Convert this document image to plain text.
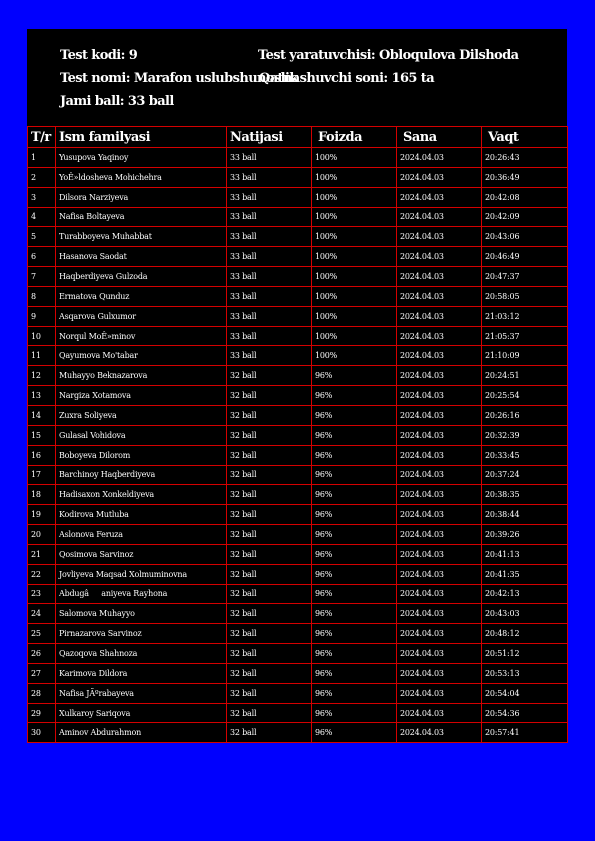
Test kodi: 9	Test yaratuvchisi: Obloqulova Dilshoda
Test nomi: Marafon uslubshunoslik
Qatnashuvchi soni: 165 ta
Jami ball: 33 ball
T/r	Ism familyasi	Natijasi	Foizda	Sana	Vaqt
1	Yusupova Yaqinoy	33 ball	100%	2024.04.03	20:26:43
2	YoÊ»ldosheva Mohichehra	33 ball	100%	2024.04.03	20:36:49
3	Dilsora Narziyeva	33 ball	100%	2024.04.03	20:42:08
4	Nafisa Boltayeva	33 ball	100%	2024.04.03	20:42:09
5	Turabboyeva Muhabbat	33 ball	100%	2024.04.03	20:43:06
6	Hasanova Saodat	33 ball	100%	2024.04.03	20:46:49
7	Haqberdiyeva Gulzoda	33 ball	100%	2024.04.03	20:47:37
8	Ermatova Qunduz	33 ball	100%	2024.04.03	20:58:05
9	Asqarova Gulxumor	33 ball	100%	2024.04.03	21:03:12
10	Norqul MoÊ»minov	33 ball	100%	2024.04.03	21:05:37
11	Qayumova Mo'tabar	33 ball	100%	2024.04.03	21:10:09
12	Muhayyo Beknazarova	32 ball	96%	2024.04.03	20:24:51
13	Nargiza Xotamova	32 ball	96%	2024.04.03	20:25:54
14	Zuxra Soliyeva	32 ball	96%	2024.04.03	20:26:16
15	Gulasal Vohidova	32 ball	96%	2024.04.03	20:32:39
16	Boboyeva Dilorom	32 ball	96%	2024.04.03	20:33:45
17	Barchinoy Haqberdiyeva	32 ball	96%	2024.04.03	20:37:24
18	Hadisaxon Xonkeldiyeva	32 ball	96%	2024.04.03	20:38:35
19	Kodirova Mutluba	32 ball	96%	2024.04.03	20:38:44
20	Aslonova Feruza	32 ball	96%	2024.04.03	20:39:26
21	Qosimova Sarvinoz	32 ball	96%	2024.04.03	20:41:13
22	Jovliyeva Maqsad Xolmuminovna	32 ball	96%	2024.04.03	20:41:35
23	Abdugâaniyeva Rayhona	32 ball	96%	2024.04.03	20:42:13
24	Salomova Muhayyo	32 ball	96%	2024.04.03	20:43:03
25	Pirnazarova Sarvinoz	32 ball	96%	2024.04.03	20:48:12
26	Qazoqova Shahnoza	32 ball	96%	2024.04.03	20:51:12
27	Karimova Dildora	32 ball	96%	2024.04.03	20:53:13
28	Nafisa JÃºrabayeva	32 ball	96%	2024.04.03	20:54:04
29	Xulkaroy Sariqova	32 ball	96%	2024.04.03	20:54:36
30	Aminov Abdurahmon	32 ball	96%	2024.04.03	20:57:41
